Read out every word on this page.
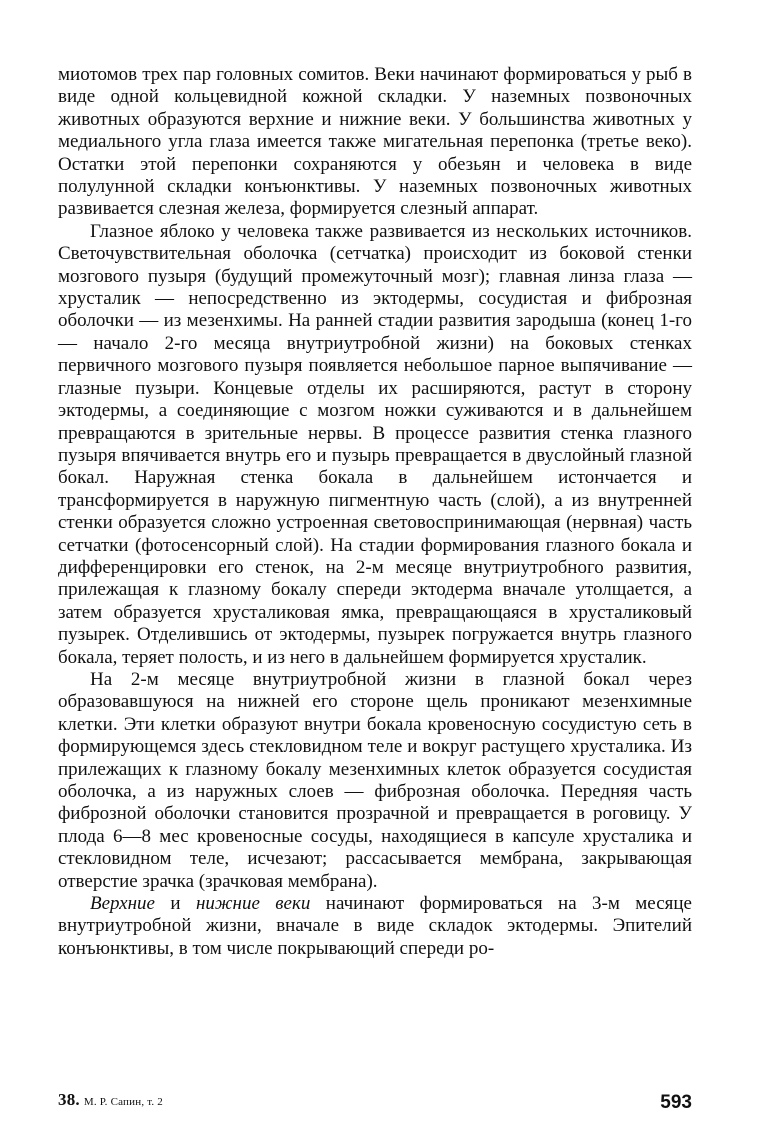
миотомов трех пар головных сомитов. Веки начинают формироваться у рыб в виде одной кольцевидной кожной складки. У наземных позвоночных животных образуются верхние и нижние веки. У большинства животных у медиального угла глаза имеется также мигательная перепонка (третье веко). Остатки этой перепонки сохраняются у обезьян и человека в виде полулунной складки конъюнктивы. У наземных позвоночных животных развивается слезная железа, формируется слезный аппарат.

Глазное яблоко у человека также развивается из нескольких источников. Светочувствительная оболочка (сетчатка) происходит из боковой стенки мозгового пузыря (будущий промежуточный мозг); главная линза глаза — хрусталик — непосредственно из эктодермы, сосудистая и фиброзная оболочки — из мезенхимы. На ранней стадии развития зародыша (конец 1-го — начало 2-го месяца внутриутробной жизни) на боковых стенках первичного мозгового пузыря появляется небольшое парное выпячивание — глазные пузыри. Концевые отделы их расширяются, растут в сторону эктодермы, а соединяющие с мозгом ножки суживаются и в дальнейшем превращаются в зрительные нервы. В процессе развития стенка глазного пузыря впячивается внутрь его и пузырь превращается в двуслойный глазной бокал. Наружная стенка бокала в дальнейшем истончается и трансформируется в наружную пигментную часть (слой), а из внутренней стенки образуется сложно устроенная световоспринимающая (нервная) часть сетчатки (фотосенсорный слой). На стадии формирования глазного бокала и дифференцировки его стенок, на 2-м месяце внутриутробного развития, прилежащая к глазному бокалу спереди эктодерма вначале утолщается, а затем образуется хрусталиковая ямка, превращающаяся в хрусталиковый пузырек. Отделившись от эктодермы, пузырек погружается внутрь глазного бокала, теряет полость, и из него в дальнейшем формируется хрусталик.

На 2-м месяце внутриутробной жизни в глазной бокал через образовавшуюся на нижней его стороне щель проникают мезенхимные клетки. Эти клетки образуют внутри бокала кровеносную сосудистую сеть в формирующемся здесь стекловидном теле и вокруг растущего хрусталика. Из прилежащих к глазному бокалу мезенхимных клеток образуется сосудистая оболочка, а из наружных слоев — фиброзная оболочка. Передняя часть фиброзной оболочки становится прозрачной и превращается в роговицу. У плода 6—8 мес кровеносные сосуды, находящиеся в капсуле хрусталика и стекловидном теле, исчезают; рассасывается мембрана, закрывающая отверстие зрачка (зрачковая мембрана).

Верхние и нижние веки начинают формироваться на 3-м месяце внутриутробной жизни, вначале в виде складок эктодермы. Эпителий конъюнктивы, в том числе покрывающий спереди ро-

38. М. Р. Сапин, т. 2	593
